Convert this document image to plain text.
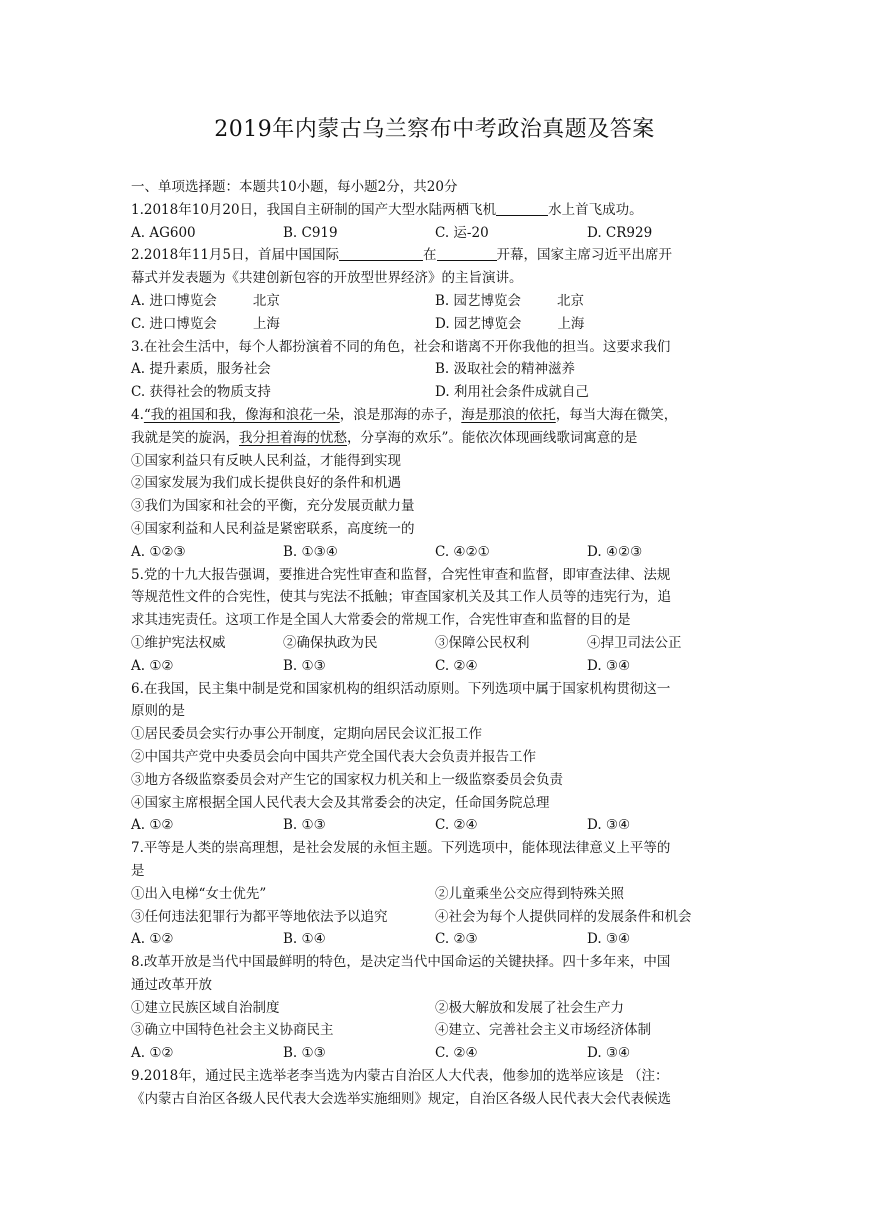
2019年内蒙古乌兰察布中考政治真题及答案
一、单项选择题：本题共10小题，每小题2分，共20分
1.2018年10月20日，我国自主研制的国产大型水陆两栖飞机	水上首飞成功。
A. AG600	B. C919	C. 运-20	D. CR929
2.2018年11月5日，首届中国国际	在	开幕，国家主席习近平出席开
幕式并发表题为《共建创新包容的开放型世界经济》的主旨演讲。
A. 进口博览会	北京	B. 园艺博览会	北京
C. 进口博览会	上海	D. 园艺博览会	上海
3.在社会生活中，每个人都扮演着不同的角色，社会和谐离不开你我他的担当。这要求我们
A. 提升素质，服务社会	B. 汲取社会的精神滋养
C. 获得社会的物质支持	D. 利用社会条件成就自己
4.“我的祖国和我，像海和浪花一朵，浪是那海的赤子，海是那浪的依托，每当大海在微笑，
我就是笑的旋涡，我分担着海的忧愁，分享海的欢乐”。能依次体现画线歌词寓意的是
①国家利益只有反映人民利益，才能得到实现
②国家发展为我们成长提供良好的条件和机遇
③我们为国家和社会的平衡，充分发展贡献力量
④国家利益和人民利益是紧密联系，高度统一的
A. ①②③	B. ①③④	C. ④②①	D. ④②③
5.党的十九大报告强调，要推进合宪性审查和监督，合宪性审查和监督，即审查法律、法规
等规范性文件的合宪性，使其与宪法不抵触；审查国家机关及其工作人员等的违宪行为，追
求其违宪责任。这项工作是全国人大常委会的常规工作，合宪性审查和监督的目的是
①维护宪法权威	②确保执政为民	③保障公民权利	④捍卫司法公正
A. ①②	B. ①③	C. ②④	D. ③④
6.在我国，民主集中制是党和国家机构的组织活动原则。下列选项中属于国家机构贯彻这一
原则的是
①居民委员会实行办事公开制度，定期向居民会议汇报工作
②中国共产党中央委员会向中国共产党全国代表大会负责并报告工作
③地方各级监察委员会对产生它的国家权力机关和上一级监察委员会负责
④国家主席根据全国人民代表大会及其常委会的决定，任命国务院总理
A. ①②	B. ①③	C. ②④	D. ③④
7.平等是人类的崇高理想，是社会发展的永恒主题。下列选项中，能体现法律意义上平等的
是
①出入电梯“女士优先”	②儿童乘坐公交应得到特殊关照
③任何违法犯罪行为都平等地依法予以追究	④社会为每个人提供同样的发展条件和机会
A. ①②	B. ①④	C. ②③	D. ③④
8.改革开放是当代中国最鲜明的特色，是决定当代中国命运的关键抉择。四十多年来，中国
通过改革开放
①建立民族区域自治制度	②极大解放和发展了社会生产力
③确立中国特色社会主义协商民主	④建立、完善社会主义市场经济体制
A. ①②	B. ①③	C. ②④	D. ③④
9.2018年，通过民主选举老李当选为内蒙古自治区人大代表，他参加的选举应该是 （注：
《内蒙古自治区各级人民代表大会选举实施细则》规定，自治区各级人民代表大会代表候选
